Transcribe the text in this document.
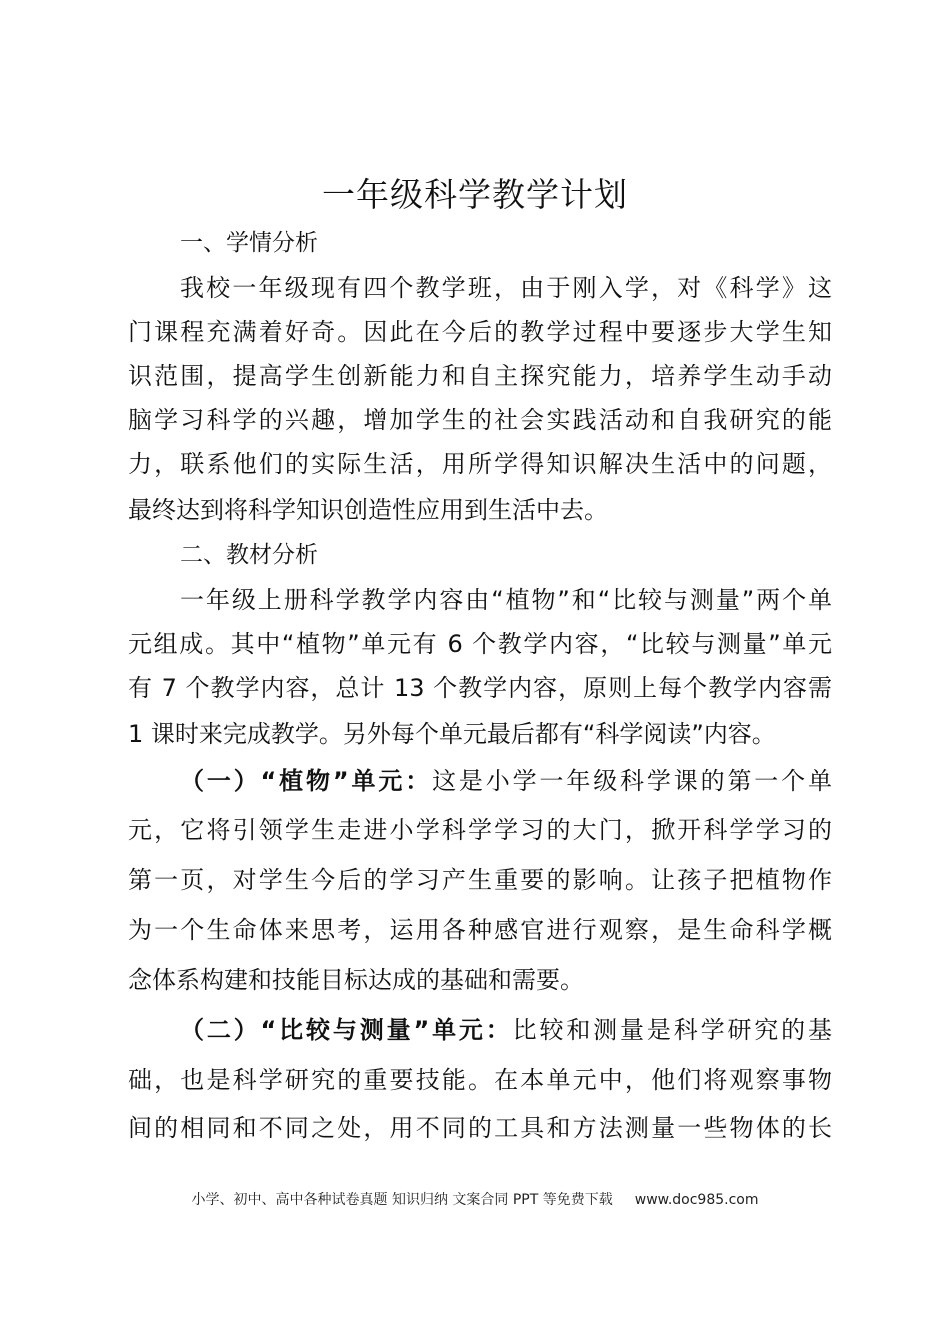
一年级科学教学计划
一、学情分析
我校一年级现有四个教学班，由于刚入学，对《科学》这
门课程充满着好奇。因此在今后的教学过程中要逐步大学生知
识范围，提高学生创新能力和自主探究能力，培养学生动手动
脑学习科学的兴趣，增加学生的社会实践活动和自我研究的能
力，联系他们的实际生活，用所学得知识解决生活中的问题，
最终达到将科学知识创造性应用到生活中去。
二、教材分析
一年级上册科学教学内容由“植物”和“比较与测量”两个单
元组成。其中“植物”单元有 6 个教学内容，“比较与测量”单元
有 7 个教学内容，总计 13 个教学内容，原则上每个教学内容需
1 课时来完成教学。另外每个单元最后都有“科学阅读”内容。
（一）“植物”单元：这是小学一年级科学课的第一个单
元，它将引领学生走进小学科学学习的大门，掀开科学学习的
第一页，对学生今后的学习产生重要的影响。让孩子把植物作
为一个生命体来思考，运用各种感官进行观察，是生命科学概
念体系构建和技能目标达成的基础和需要。
（二）“比较与测量”单元：比较和测量是科学研究的基
础，也是科学研究的重要技能。在本单元中，他们将观察事物
间的相同和不同之处，用不同的工具和方法测量一些物体的长
小学、初中、高中各种试卷真题 知识归纳 文案合同 PPT 等免费下载 www.doc985.com
